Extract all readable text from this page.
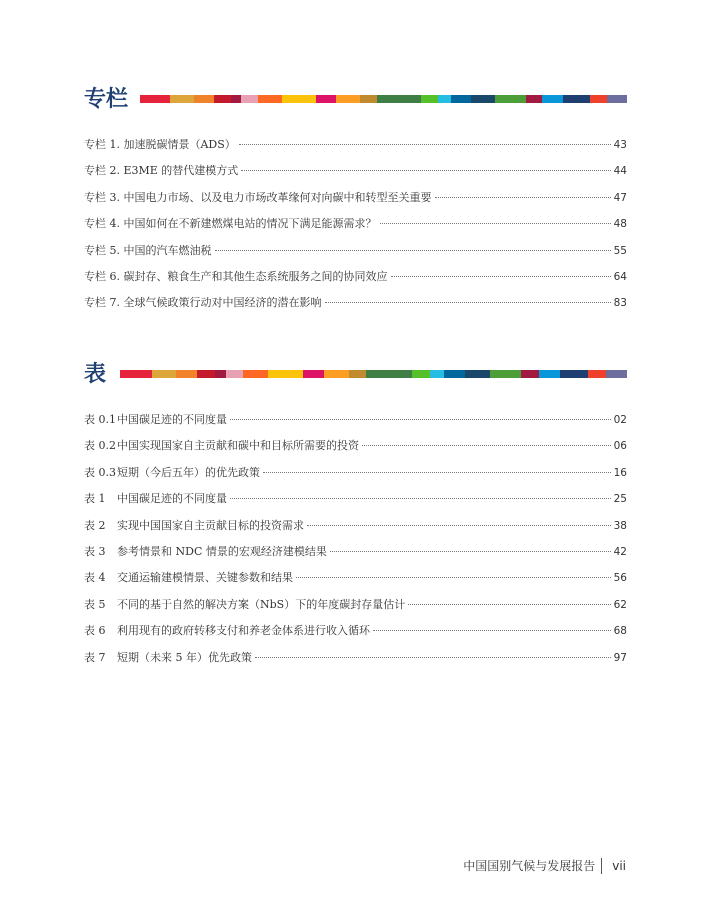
专栏
专栏 1. 加速脱碳情景（ADS）	43
专栏 2. E3ME 的替代建模方式	44
专栏 3. 中国电力市场、以及电力市场改革缘何对向碳中和转型至关重要	47
专栏 4. 中国如何在不新建燃煤电站的情况下满足能源需求？	48
专栏 5. 中国的汽车燃油税	55
专栏 6. 碳封存、粮食生产和其他生态系统服务之间的协同效应	64
专栏 7. 全球气候政策行动对中国经济的潜在影响	83
表
表 0.1中国碳足迹的不同度量	02
表 0.2中国实现国家自主贡献和碳中和目标所需要的投资	06
表 0.3短期（今后五年）的优先政策	16
表 1 中国碳足迹的不同度量	25
表 2 实现中国国家自主贡献目标的投资需求	38
表 3 参考情景和 NDC 情景的宏观经济建模结果	42
表 4 交通运输建模情景、关键参数和结果	56
表 5 不同的基于自然的解决方案（NbS）下的年度碳封存量估计	62
表 6 利用现有的政府转移支付和养老金体系进行收入循环	68
表 7 短期（未来 5 年）优先政策	97
中国国别气候与发展报告 vii
